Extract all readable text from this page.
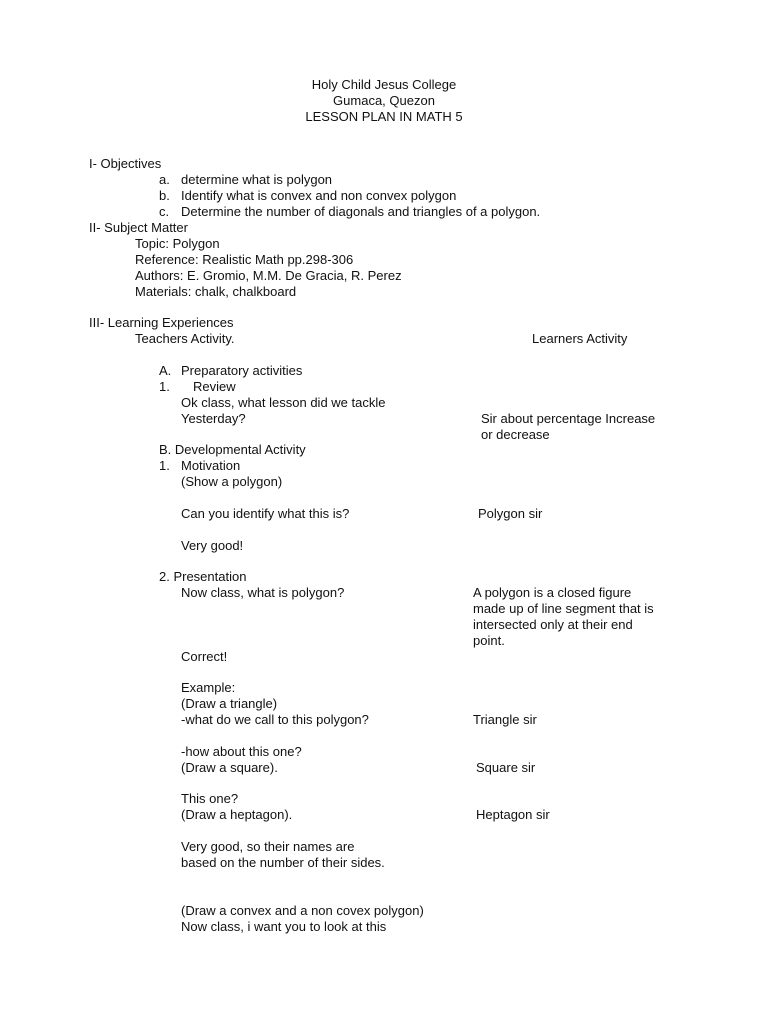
Holy Child Jesus College
Gumaca, Quezon
LESSON PLAN IN MATH 5
I- Objectives
a. determine what is polygon
b. Identify what is convex and non convex polygon
c. Determine the number of diagonals and triangles of a polygon.
II- Subject Matter
Topic: Polygon
Reference: Realistic Math pp.298-306
Authors: E. Gromio, M.M. De Gracia, R. Perez
Materials: chalk, chalkboard
III- Learning Experiences
Teachers Activity.	Learners Activity
A. Preparatory activities
1. Review
Ok class, what lesson did we tackle
Yesterday?	Sir about percentage Increase
or decrease
B. Developmental Activity
1. Motivation
(Show a polygon)
Can you identify what this is?	Polygon sir
Very good!
2. Presentation
Now class, what is polygon?	A polygon is a closed figure
made up of line segment that is
intersected only at their end
point.
Correct!
Example:
(Draw a triangle)
-what do we call to this polygon?	Triangle sir
-how about this one?
(Draw a square).	Square sir
This one?
(Draw a heptagon).	Heptagon sir
Very good, so their names are
based on the number of their sides.
(Draw a convex and a non covex polygon)
Now class, i want you to look at this
